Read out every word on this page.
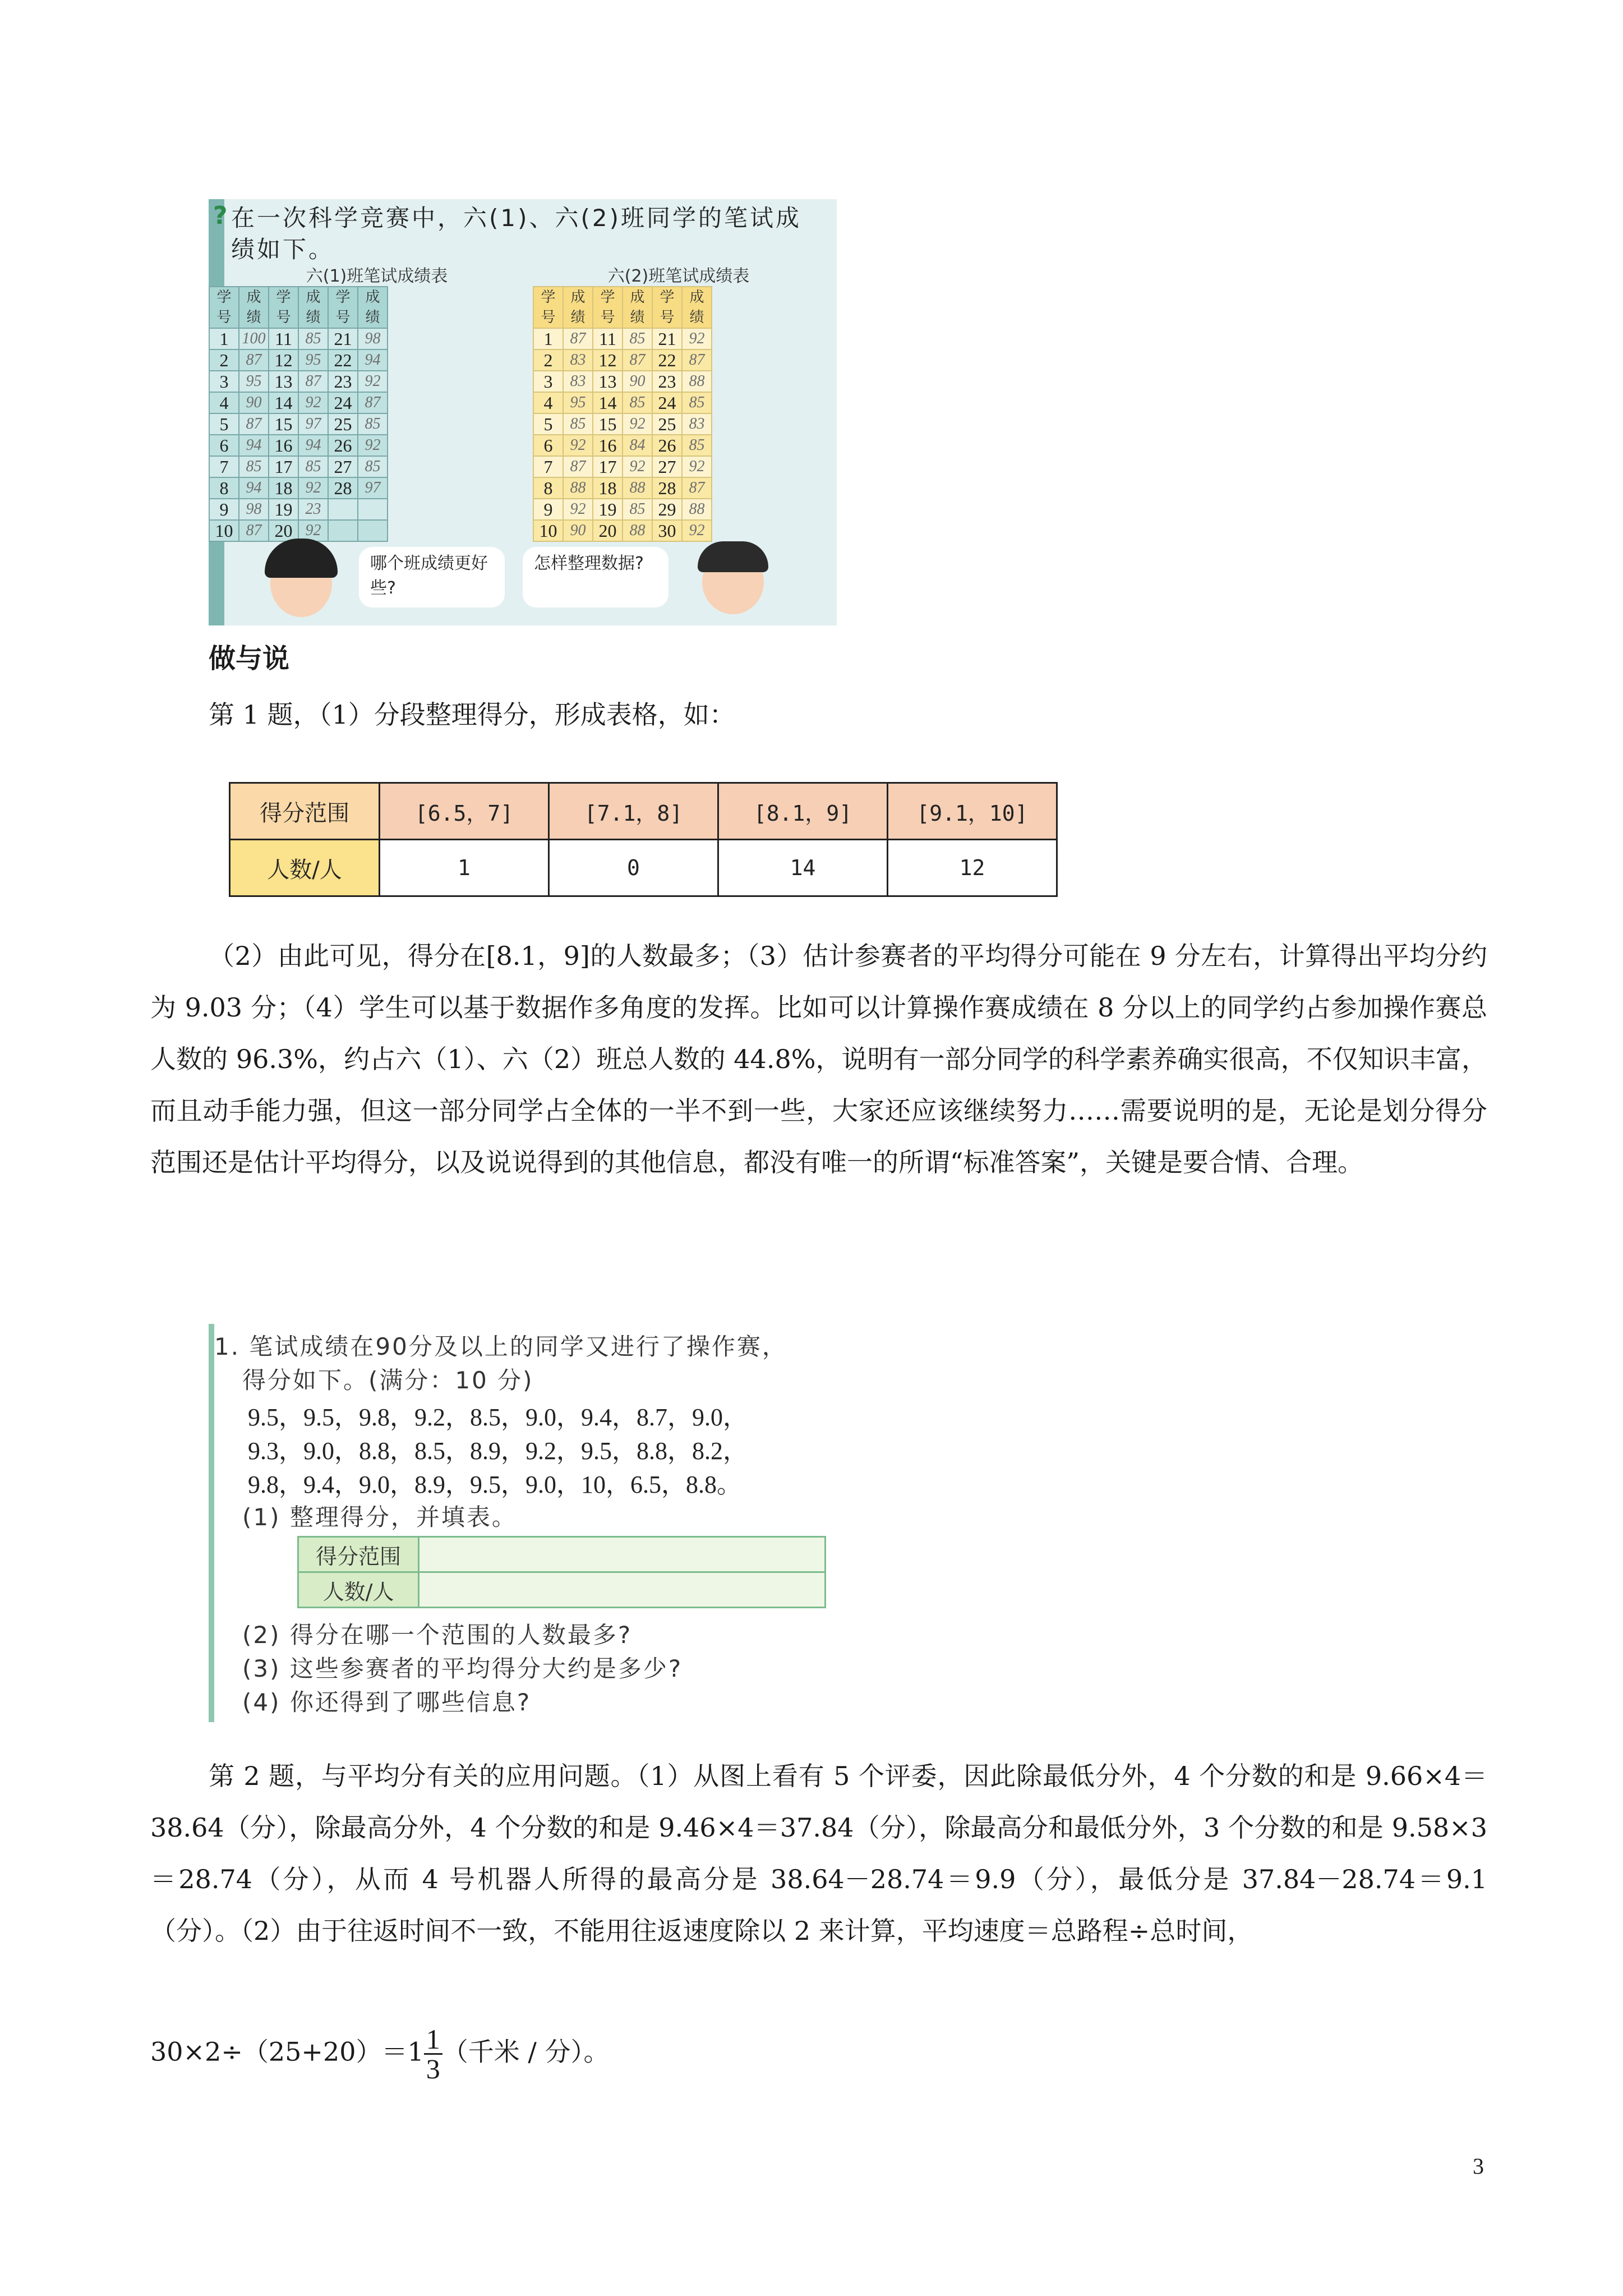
? 在一次科学竞赛中，六(1)、六(2)班同学的笔试成绩如下。
六(1)班笔试成绩表	六(2)班笔试成绩表
学号	成绩	学号	成绩	学号	成绩
1	100	11	85	21	98
2	87	12	95	22	94
3	95	13	87	23	92
4	90	14	92	24	87
5	87	15	97	25	85
6	94	16	94	26	92
7	85	17	85	27	85
8	94	18	92	28	97
9	98	19	23		
10	87	20	92		
学号	成绩	学号	成绩	学号	成绩
1	87	11	85	21	92
2	83	12	87	22	87
3	83	13	90	23	88
4	95	14	85	24	85
5	85	15	92	25	83
6	92	16	84	26	85
7	87	17	92	27	92
8	88	18	88	28	87
9	92	19	85	29	88
10	90	20	88	30	92
哪个班成绩更好些?
怎样整理数据?
做与说
第 1 题，（1）分段整理得分，形成表格，如：
得分范围	[6.5，7]	[7.1，8]	[8.1，9]	[9.1，10]
人数/人	1	0	14	12
（2）由此可见，得分在[8.1，9]的人数最多；（3）估计参赛者的平均得分可能在 9 分左右，计算得出平均分约为 9.03 分；（4）学生可以基于数据作多角度的发挥。比如可以计算操作赛成绩在 8 分以上的同学约占参加操作赛总人数的 96.3%，约占六（1）、六（2）班总人数的 44.8%，说明有一部分同学的科学素养确实很高，不仅知识丰富，而且动手能力强，但这一部分同学占全体的一半不到一些，大家还应该继续努力……需要说明的是，无论是划分得分范围还是估计平均得分，以及说说得到的其他信息，都没有唯一的所谓“标准答案”，关键是要合情、合理。
1. 笔试成绩在90分及以上的同学又进行了操作赛，
得分如下。(满分：10 分)
9.5，9.5，9.8，9.2，8.5，9.0，9.4，8.7，9.0，
9.3，9.0，8.8，8.5，8.9，9.2，9.5，8.8，8.2，
9.8，9.4，9.0，8.9，9.5，9.0，10，6.5，8.8。
(1) 整理得分，并填表。
得分范围	
人数/人	
(2) 得分在哪一个范围的人数最多?
(3) 这些参赛者的平均得分大约是多少?
(4) 你还得到了哪些信息?
第 2 题，与平均分有关的应用问题。（1）从图上看有 5 个评委，因此除最低分外，4 个分数的和是 9.66×4＝38.64（分），除最高分外，4 个分数的和是 9.46×4＝37.84（分），除最高分和最低分外，3 个分数的和是 9.58×3＝28.74（分），从而 4 号机器人所得的最高分是 38.64－28.74＝9.9（分），最低分是 37.84－28.74＝9.1（分）。（2）由于往返时间不一致，不能用往返速度除以 2 来计算，平均速度＝总路程÷总时间，
$30\times 2\div(25+20)=1 \frac{1}{3}$ （千米 / 分）。
3
